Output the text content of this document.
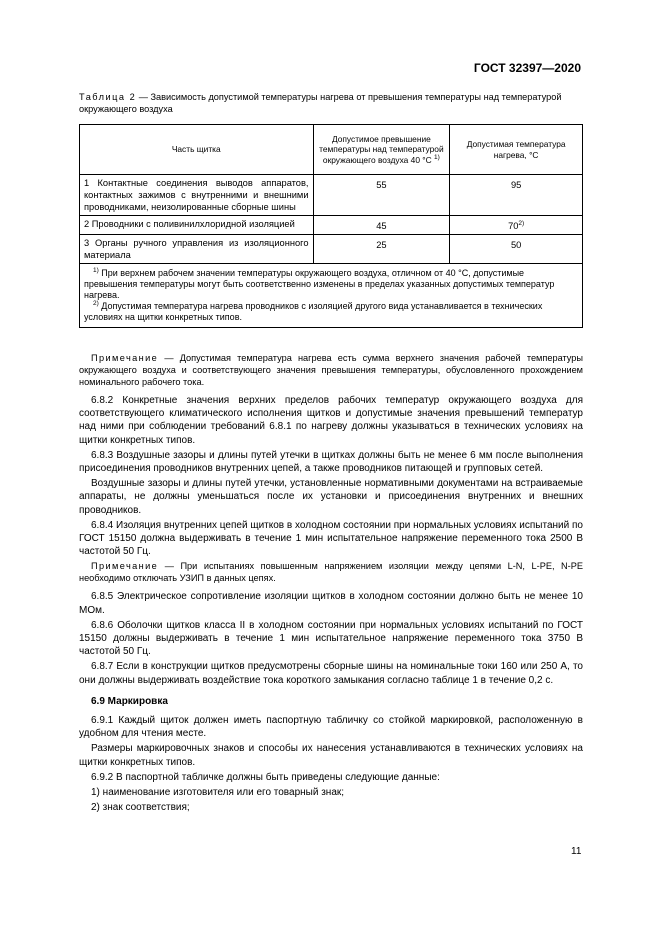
ГОСТ 32397—2020
Таблица 2 — Зависимость допустимой температуры нагрева от превышения температуры над температурой окружающего воздуха
Часть щитка	Допустимое превышение температуры над температурой окружающего воздуха 40 °С $^{1)}$	Допустимая температура нагрева, °С
1 Контактные соединения выводов аппаратов, контактных зажимов с внутренними и внешними проводниками, неизолированные сборные шины	55	95
2 Проводники с поливинилхлоридной изоляцией	45	70$^{2)}$
3 Органы ручного управления из изоляционного материала	25	50

$^{1)}$ При верхнем рабочем значении температуры окружающего воздуха, отличном от 40 °С, допустимые превышения температуры могут быть соответственно изменены в пределах указанных допустимых температур нагрева.
$^{2)}$ Допустимая температура нагрева проводников с изоляцией другого вида устанавливается в технических условиях на щитки конкретных типов.		

Примечание — Допустимая температура нагрева есть сумма верхнего значения рабочей температуры окружающего воздуха и соответствующего значения превышения температуры, обусловленного прохождением номинального рабочего тока.

6.8.2 Конкретные значения верхних пределов рабочих температур окружающего воздуха для соответствующего климатического исполнения щитков и допустимые значения превышений температур над ними при соблюдении требований 6.8.1 по нагреву должны указываться в технических условиях на щитки конкретных типов.

6.8.3 Воздушные зазоры и длины путей утечки в щитках должны быть не менее 6 мм после выполнения присоединения проводников внутренних цепей, а также проводников питающей и групповых сетей.

Воздушные зазоры и длины путей утечки, установленные нормативными документами на встраиваемые аппараты, не должны уменьшаться после их установки и присоединения внутренних и внешних проводников.

6.8.4 Изоляция внутренних цепей щитков в холодном состоянии при нормальных условиях испытаний по ГОСТ 15150 должна выдерживать в течение 1 мин испытательное напряжение переменного тока 2500 В частотой 50 Гц.

Примечание — При испытаниях повышенным напряжением изоляции между цепями L-N, L-PE, N-PE необходимо отключать УЗИП в данных цепях.

6.8.5 Электрическое сопротивление изоляции щитков в холодном состоянии должно быть не менее 10 МОм.

6.8.6 Оболочки щитков класса II в холодном состоянии при нормальных условиях испытаний по ГОСТ 15150 должны выдерживать в течение 1 мин испытательное напряжение переменного тока 3750 В частотой 50 Гц.

6.8.7 Если в конструкции щитков предусмотрены сборные шины на номинальные токи 160 или 250 А, то они должны выдерживать воздействие тока короткого замыкания согласно таблице 1 в течение 0,2 с.

6.9 Маркировка

6.9.1 Каждый щиток должен иметь паспортную табличку со стойкой маркировкой, расположенную в удобном для чтения месте.

Размеры маркировочных знаков и способы их нанесения устанавливаются в технических условиях на щитки конкретных типов.

6.9.2 В паспортной табличке должны быть приведены следующие данные:

1) наименование изготовителя или его товарный знак;

2) знак соответствия;

11
